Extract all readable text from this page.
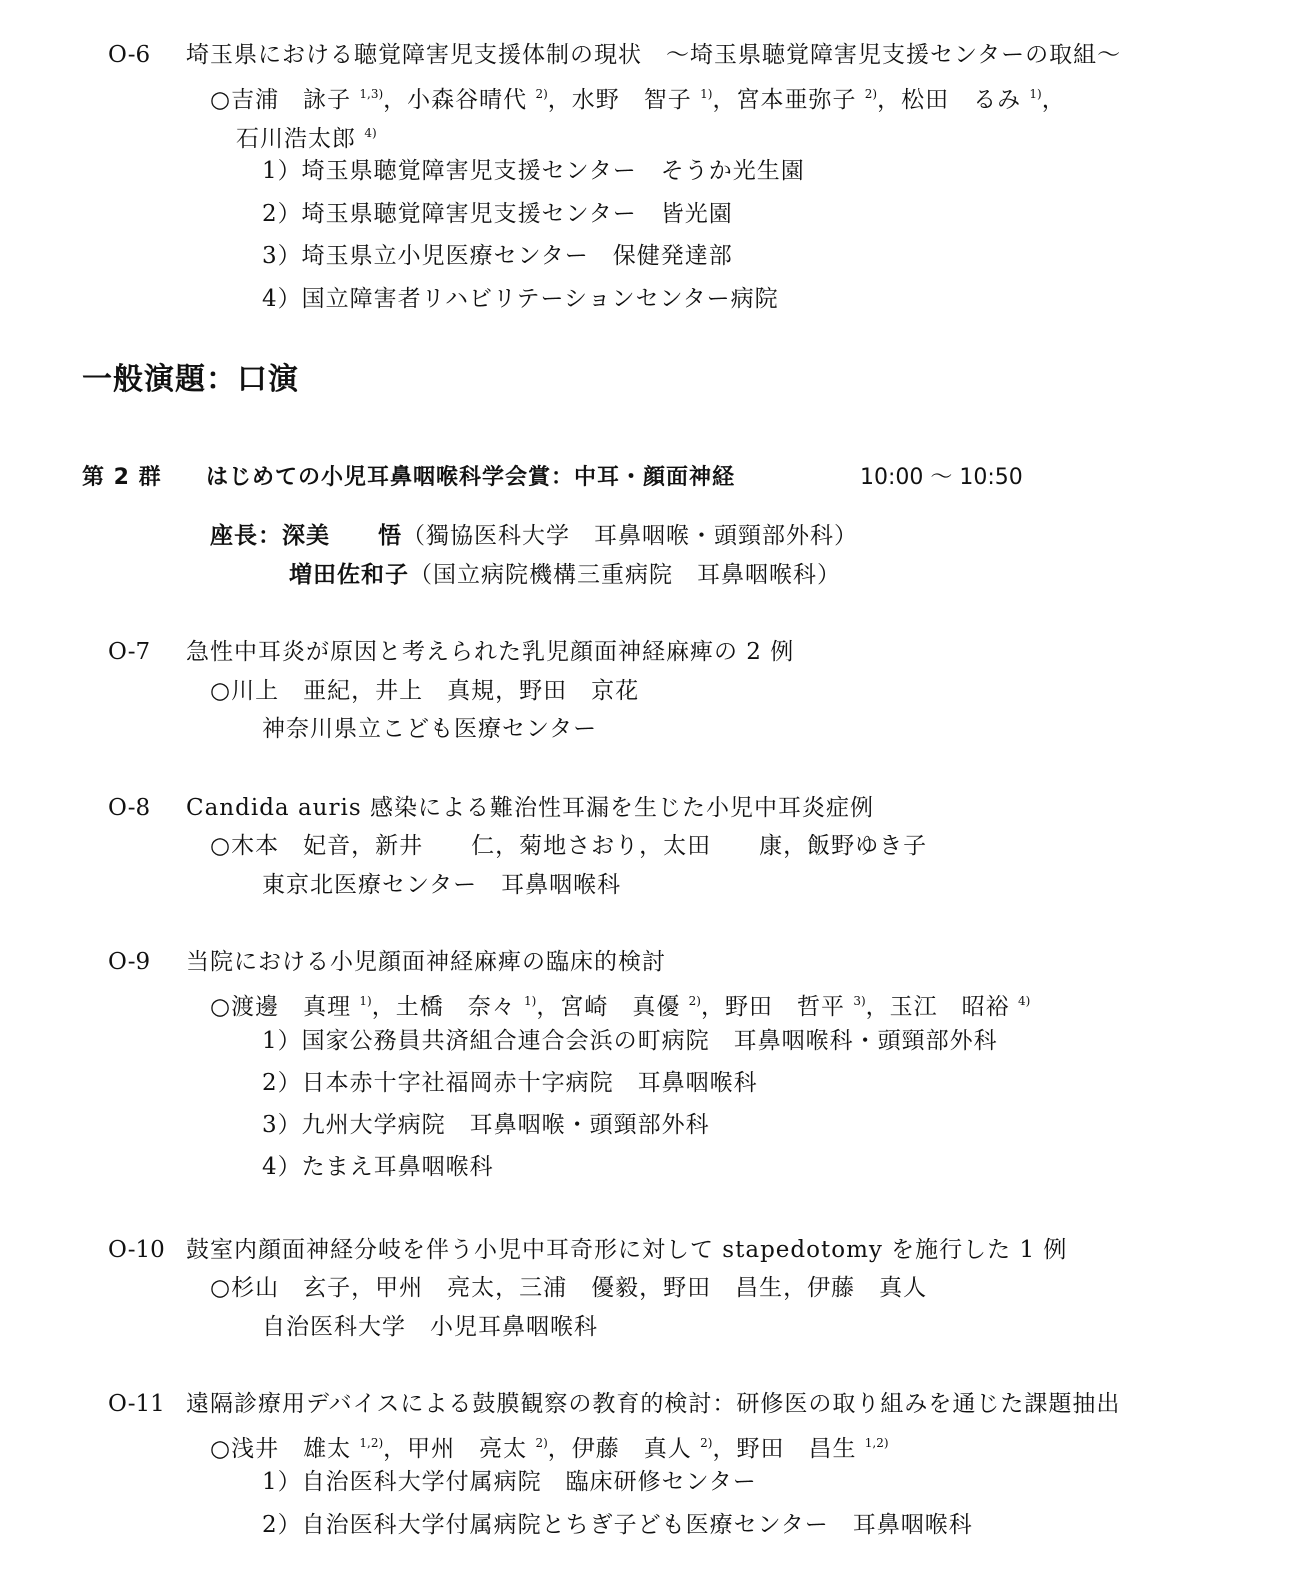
O-6 埼玉県における聴覚障害児支援体制の現状　～埼玉県聴覚障害児支援センターの取組～
○吉浦　詠子 $^{1,3)}$，小森谷晴代 $^{2)}$，水野　智子 $^{1)}$，宮本亜弥子 $^{2)}$，松田　るみ $^{1)}$，
石川浩太郎 $^{4)}$
1）埼玉県聴覚障害児支援センター　そうか光生園
2）埼玉県聴覚障害児支援センター　皆光園
3）埼玉県立小児医療センター　保健発達部
4）国立障害者リハビリテーションセンター病院
一般演題：口演
第 2 群 はじめての小児耳鼻咽喉科学会賞：中耳・顔面神経	10:00 ～ 10:50
座長：深美　　悟（獨協医科大学　耳鼻咽喉・頭頸部外科）
増田佐和子（国立病院機構三重病院　耳鼻咽喉科）
O-7 急性中耳炎が原因と考えられた乳児顔面神経麻痺の 2 例
○川上　亜紀，井上　真規，野田　京花
神奈川県立こども医療センター
O-8 Candida auris 感染による難治性耳漏を生じた小児中耳炎症例
○木本　妃音，新井　　仁，菊地さおり，太田　　康，飯野ゆき子
東京北医療センター　耳鼻咽喉科
O-9 当院における小児顔面神経麻痺の臨床的検討
○渡邊　真理 $^{1)}$，土橋　奈々 $^{1)}$，宮崎　真優 $^{2)}$，野田　哲平 $^{3)}$，玉江　昭裕 $^{4)}$
1）国家公務員共済組合連合会浜の町病院　耳鼻咽喉科・頭頸部外科
2）日本赤十字社福岡赤十字病院　耳鼻咽喉科
3）九州大学病院　耳鼻咽喉・頭頸部外科
4）たまえ耳鼻咽喉科
O-10 鼓室内顔面神経分岐を伴う小児中耳奇形に対して stapedotomy を施行した 1 例
○杉山　玄子，甲州　亮太，三浦　優毅，野田　昌生，伊藤　真人
自治医科大学　小児耳鼻咽喉科
O-11 遠隔診療用デバイスによる鼓膜観察の教育的検討：研修医の取り組みを通じた課題抽出
○浅井　雄太 $^{1,2)}$，甲州　亮太 $^{2)}$，伊藤　真人 $^{2)}$，野田　昌生 $^{1,2)}$
1）自治医科大学付属病院　臨床研修センター
2）自治医科大学付属病院とちぎ子ども医療センター　耳鼻咽喉科
